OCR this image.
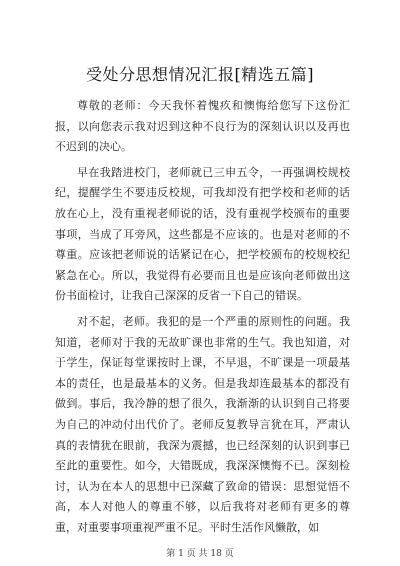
受处分思想情况汇报[精选五篇]

尊敬的老师：今天我怀着愧疚和懊悔给您写下这份汇报，以向您表示我对迟到这种不良行为的深刻认识以及再也不迟到的决心。

早在我踏进校门，老师就已三申五令，一再强调校规校纪，提醒学生不要违反校规，可我却没有把学校和老师的话放在心上，没有重视老师说的话，没有重视学校颁布的重要事项，当成了耳旁风，这些都是不应该的。也是对老师的不尊重。应该把老师说的话紧记在心，把学校颁布的校规校纪紧急在心。所以，我觉得有必要而且也是应该向老师做出这份书面检讨，让我自己深深的反省一下自己的错误。

对不起，老师。我犯的是一个严重的原则性的问题。我知道，老师对于我的无故旷课也非常的生气。我也知道，对于学生，保证每堂课按时上课，不早退，不旷课是一项最基本的责任，也是最基本的义务。但是我却连最基本的都没有做到。事后，我冷静的想了很久，我渐渐的认识到自己将要为自己的冲动付出代价了。老师反复教导言犹在耳，严肃认真的表情犹在眼前，我深为震撼，也已经深刻的认识到事已至此的重要性。如今，大错既成，我深深懊悔不已。深刻检讨，认为在本人的思想中已深藏了致命的错误：思想觉悟不高，本人对他人的尊重不够，以后我将对老师有更多的尊重，对重要事项重视严重不足。平时生活作风懒散，如

第 1 页 共 18 页
